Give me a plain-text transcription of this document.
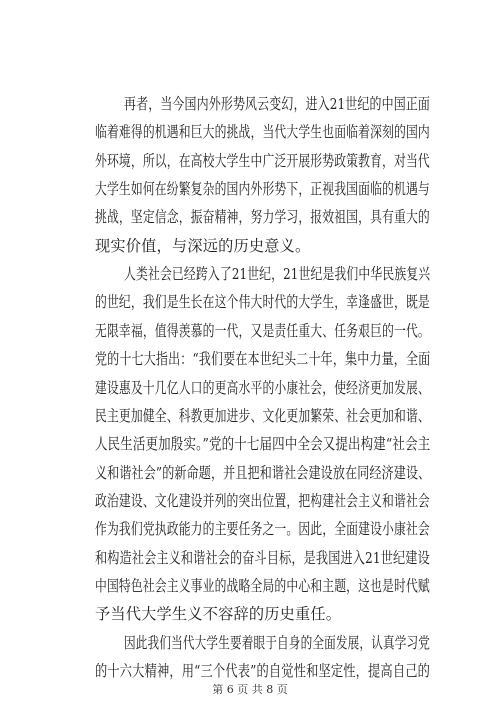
再者，当今国内外形势风云变幻，进入21世纪的中国正面
临着难得的机遇和巨大的挑战，当代大学生也面临着深刻的国内
外环境，所以，在高校大学生中广泛开展形势政策教育，对当代
大学生如何在纷繁复杂的国内外形势下，正视我国面临的机遇与
挑战，坚定信念，振奋精神，努力学习，报效祖国，具有重大的
现实价值，与深远的历史意义。
人类社会已经跨入了21世纪，21世纪是我们中华民族复兴
的世纪，我们是生长在这个伟大时代的大学生，幸逢盛世，既是
无限幸福，值得羡慕的一代，又是责任重大、任务艰巨的一代。
党的十七大指出：“我们要在本世纪头二十年，集中力量，全面
建设惠及十几亿人口的更高水平的小康社会，使经济更加发展、
民主更加健全、科教更加进步、文化更加繁荣、社会更加和谐、
人民生活更加殷实。”党的十七届四中全会又提出构建“社会主
义和谐社会”的新命题，并且把和谐社会建设放在同经济建设、
政治建设、文化建设并列的突出位置，把构建社会主义和谐社会
作为我们党执政能力的主要任务之一。因此，全面建设小康社会
和构造社会主义和谐社会的奋斗目标，是我国进入21世纪建设
中国特色社会主义事业的战略全局的中心和主题，这也是时代赋
予当代大学生义不容辞的历史重任。
因此我们当代大学生要着眼于自身的全面发展，认真学习党
的十六大精神，用“三个代表”的自觉性和坚定性，提高自己的
第 6 页 共 8 页
